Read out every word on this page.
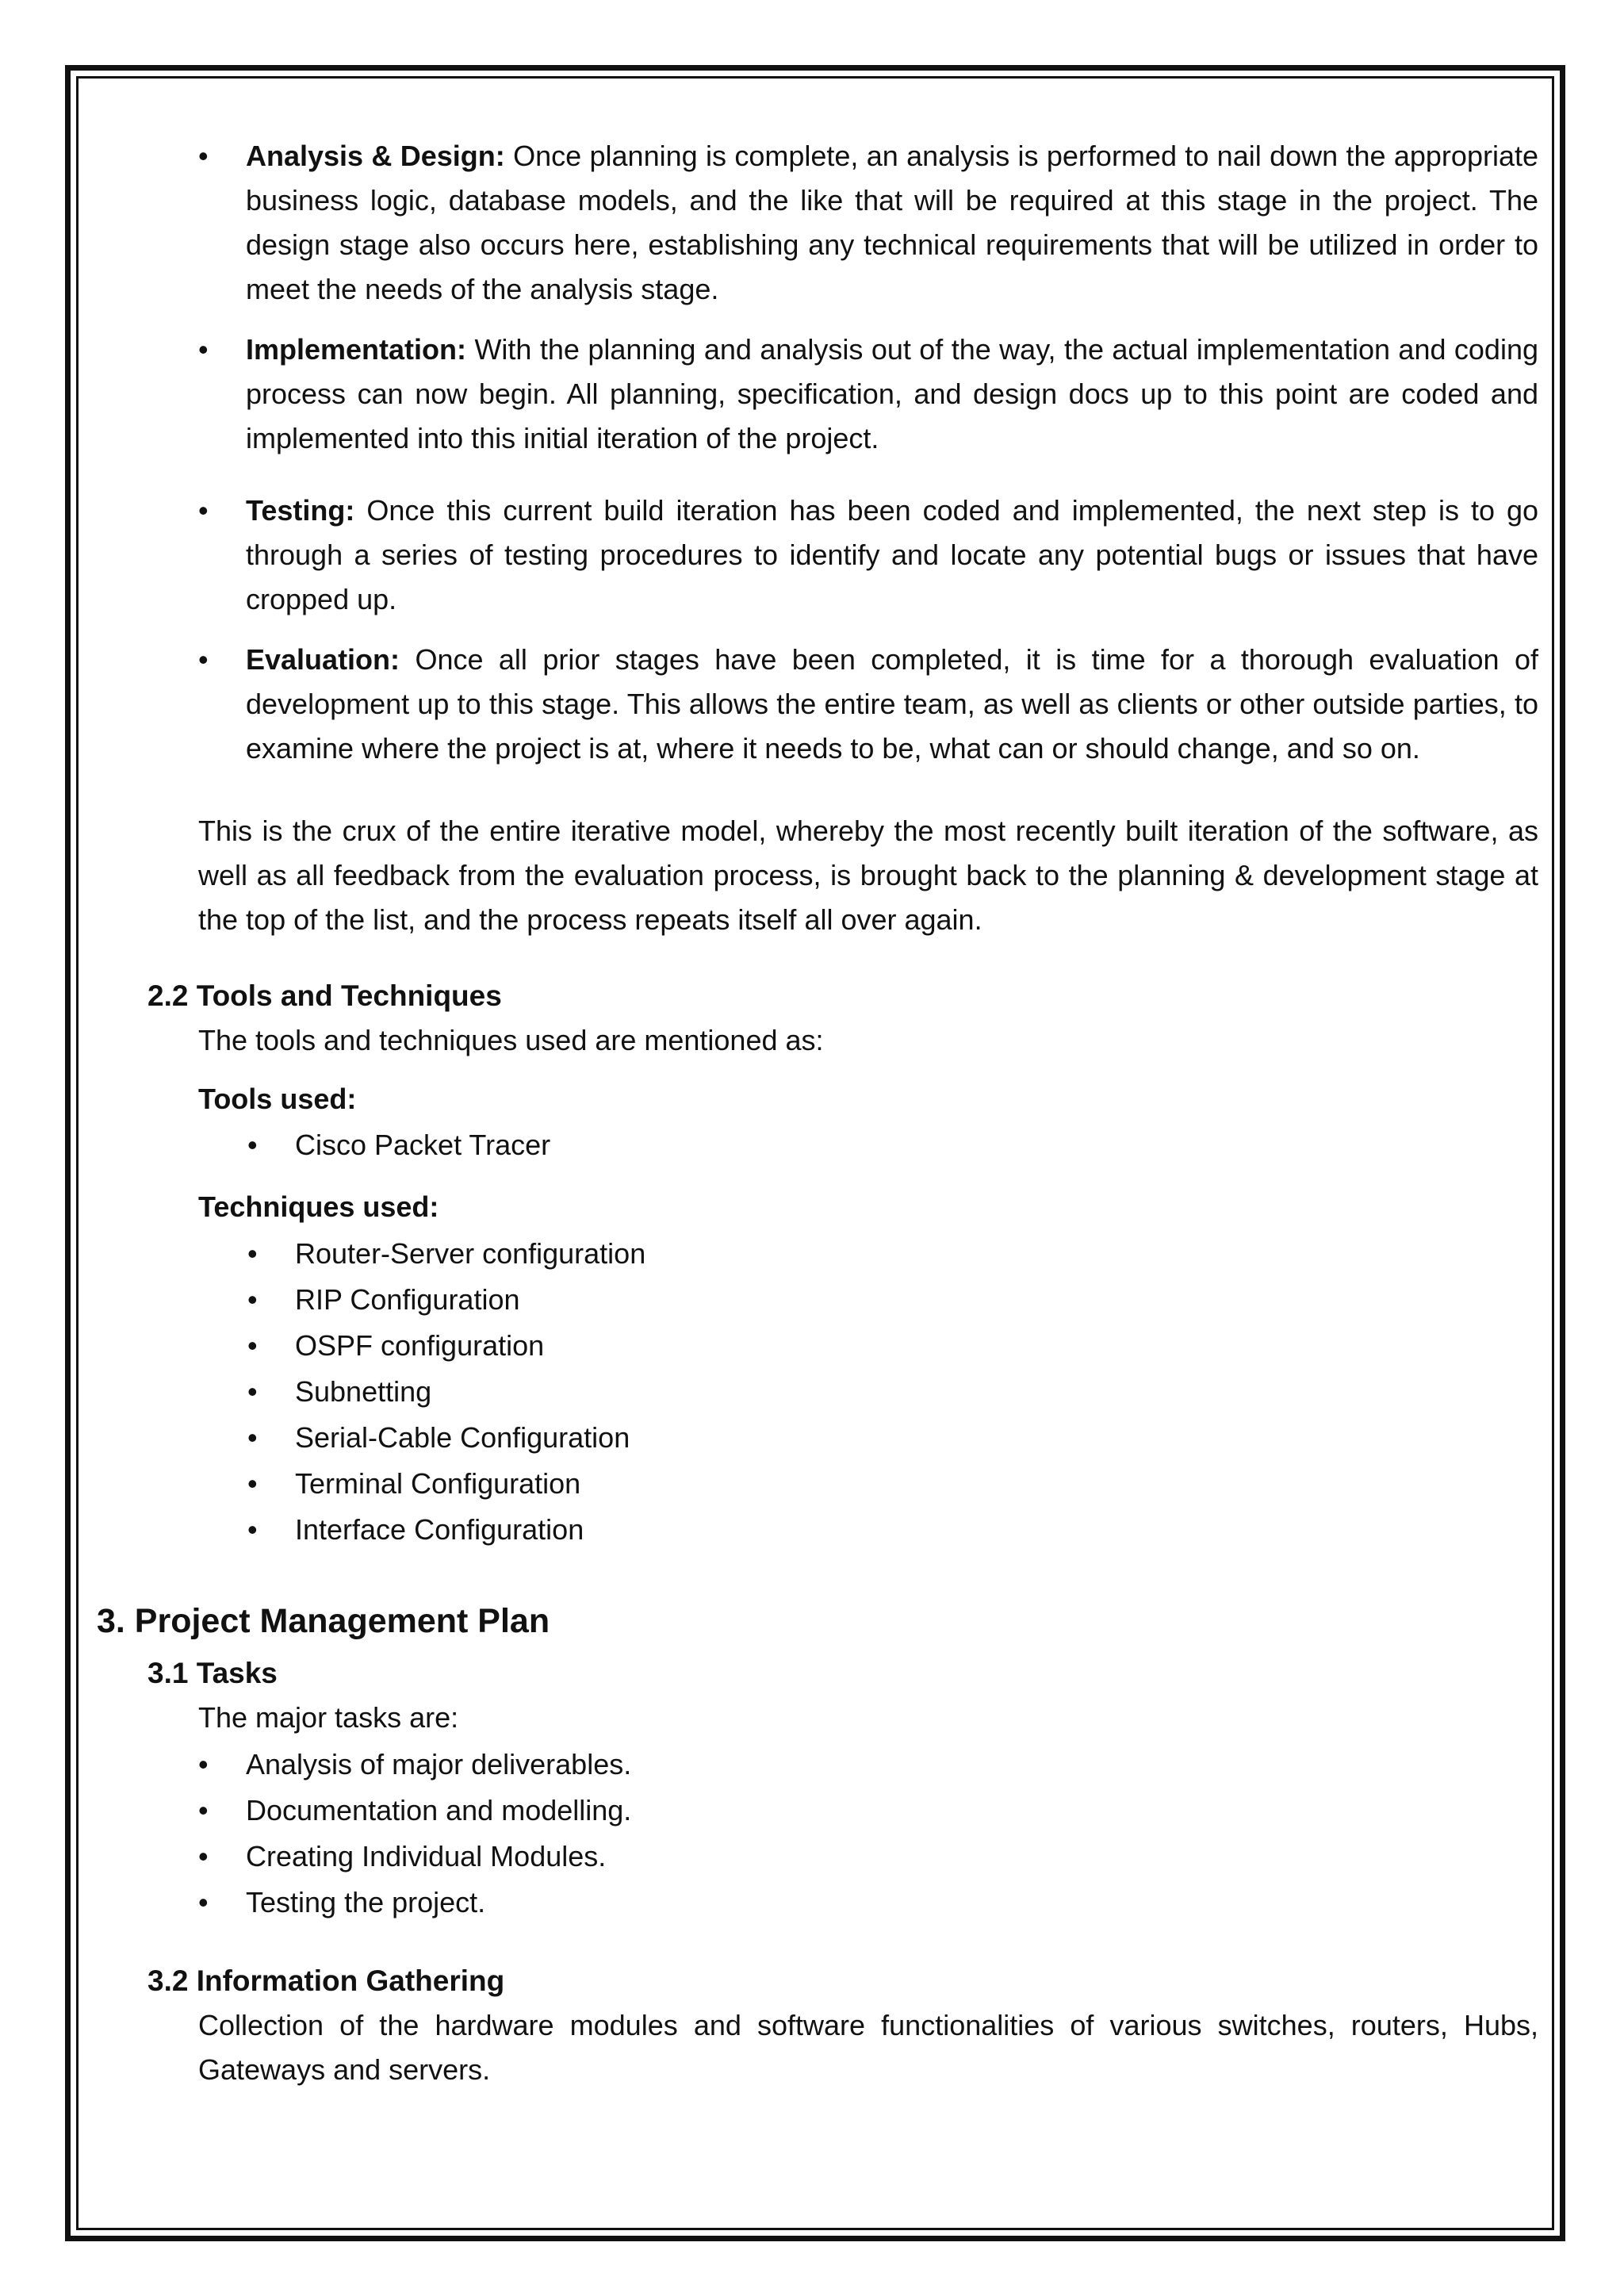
• Analysis & Design: Once planning is complete, an analysis is performed to nail down the appropriate business logic, database models, and the like that will be required at this stage in the project. The design stage also occurs here, establishing any technical requirements that will be utilized in order to meet the needs of the analysis stage.

• Implementation: With the planning and analysis out of the way, the actual implementation and coding process can now begin. All planning, specification, and design docs up to this point are coded and implemented into this initial iteration of the project.

• Testing: Once this current build iteration has been coded and implemented, the next step is to go through a series of testing procedures to identify and locate any potential bugs or issues that have cropped up.

• Evaluation: Once all prior stages have been completed, it is time for a thorough evaluation of development up to this stage. This allows the entire team, as well as clients or other outside parties, to examine where the project is at, where it needs to be, what can or should change, and so on.

This is the crux of the entire iterative model, whereby the most recently built iteration of the software, as well as all feedback from the evaluation process, is brought back to the planning & development stage at the top of the list, and the process repeats itself all over again.

2.2 Tools and Techniques

The tools and techniques used are mentioned as:

Tools used:

• Cisco Packet Tracer

Techniques used:

• Router-Server configuration
• RIP Configuration
• OSPF configuration
• Subnetting
• Serial-Cable Configuration
• Terminal Configuration
• Interface Configuration
3. Project Management Plan
3.1 Tasks

The major tasks are:

• Analysis of major deliverables.
• Documentation and modelling.
• Creating Individual Modules.
• Testing the project.
3.2 Information Gathering

Collection of the hardware modules and software functionalities of various switches, routers, Hubs, Gateways and servers.
